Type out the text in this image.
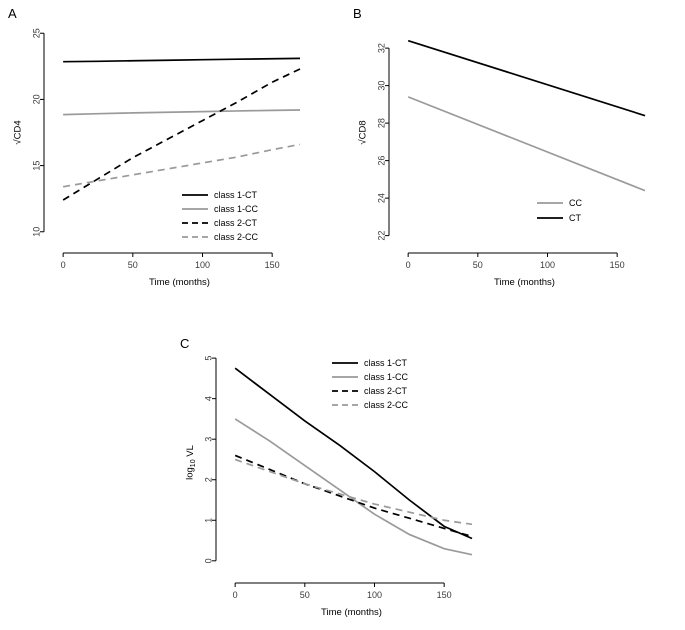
A
0	50	100	150
10
15
20
25
Time (months)
√CD4
class 1-CT
class 1-CC
class 2-CT
class 2-CC
B
0	50	100	150
22
24
26
28
30
32
Time (months)
√CD8
CT
CC
C
0	50	100	150
0
1
2
3
4
5
Time (months)
$\log_{10}$ VL
class 1-CT
class 1-CC
class 2-CT
class 2-CC
